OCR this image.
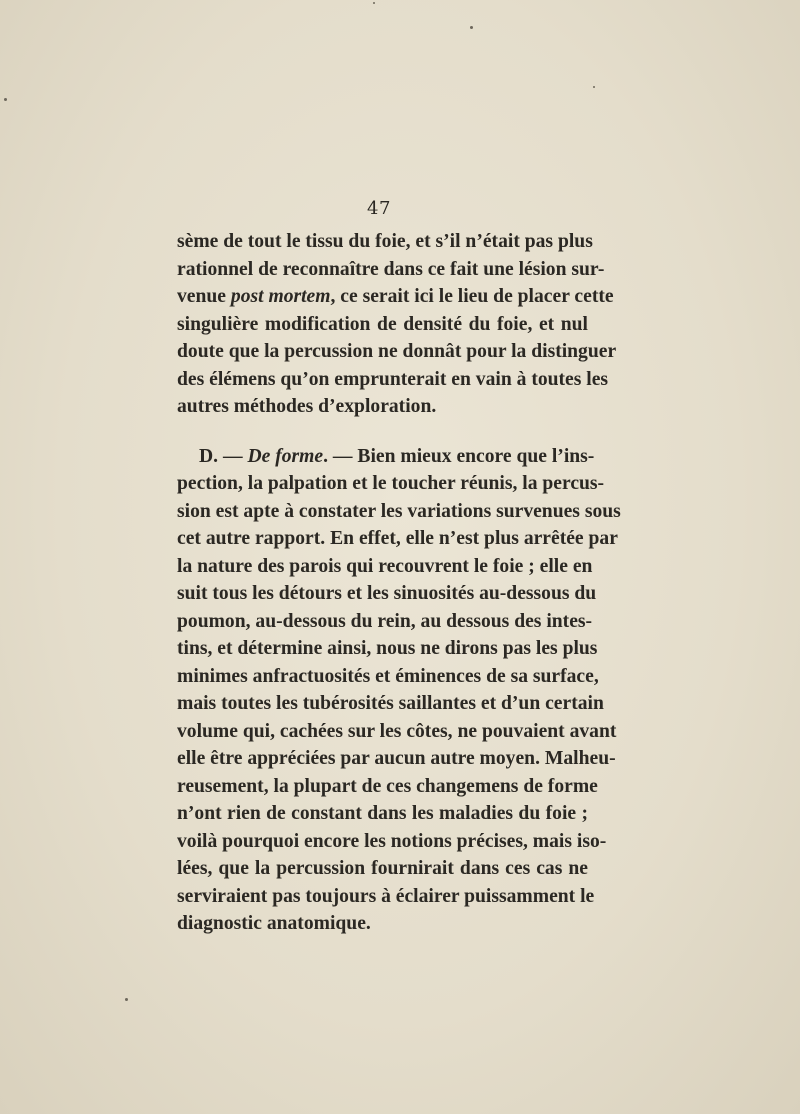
47
sème de tout le tissu du foie, et s’il n’était pas plus
rationnel de reconnaître dans ce fait une lésion sur-
venue post mortem, ce serait ici le lieu de placer cette
singulière modification de densité du foie, et nul
doute que la percussion ne donnât pour la distinguer
des élémens qu’on emprunterait en vain à toutes les
autres méthodes d’exploration.
D. — De forme. — Bien mieux encore que l’ins-
pection, la palpation et le toucher réunis, la percus-
sion est apte à constater les variations survenues sous
cet autre rapport. En effet, elle n’est plus arrêtée par
la nature des parois qui recouvrent le foie ; elle en
suit tous les détours et les sinuosités au-dessous du
poumon, au-dessous du rein, au dessous des intes-
tins, et détermine ainsi, nous ne dirons pas les plus
minimes anfractuosités et éminences de sa surface,
mais toutes les tubérosités saillantes et d’un certain
volume qui, cachées sur les côtes, ne pouvaient avant
elle être appréciées par aucun autre moyen. Malheu-
reusement, la plupart de ces changemens de forme
n’ont rien de constant dans les maladies du foie ;
voilà pourquoi encore les notions précises, mais iso-
lées, que la percussion fournirait dans ces cas ne
serviraient pas toujours à éclairer puissamment le
diagnostic anatomique.
